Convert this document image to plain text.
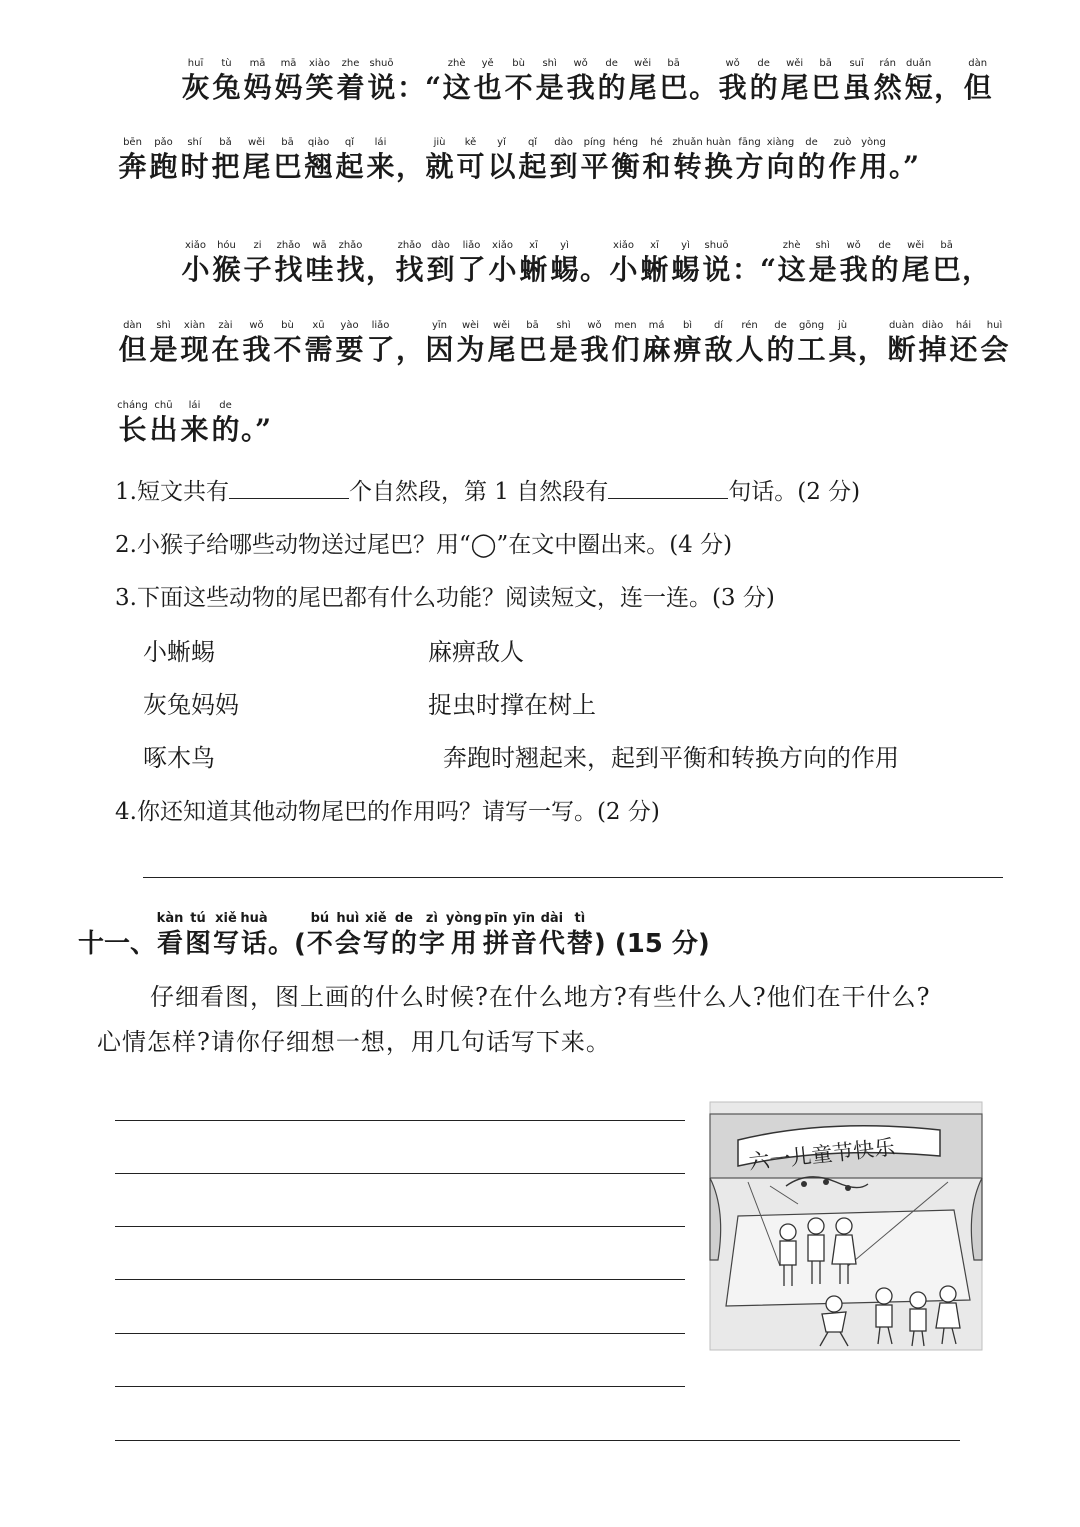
huī
灰
tù
兔
mā
妈
mā
妈
xiào
笑
zhe
着
shuō
说 ：“
zhè
这
yě
也
bù
不
shì
是
wǒ
我
de
的
wěi
尾
bā
巴 。
wǒ
我
de
的
wěi
尾
bā
巴
suī
虽
rán
然
duǎn
短 ，
dàn
但
bēn
奔
pǎo
跑
shí
时
bǎ
把
wěi
尾
bā
巴
qiào
翘
qǐ
起
lái
来 ，
jiù
就
kě
可
yǐ
以
qǐ
起
dào
到
píng
平
héng
衡
hé
和
zhuǎn
转
huàn
换
fāng
方
xiàng
向
de
的
zuò
作
yòng
用 。”
xiǎo
小
hóu
猴
zi
子
zhǎo
找
wā
哇
zhǎo
找 ，
zhǎo
找
dào
到
liǎo
了
xiǎo
小
xī
蜥
yì
蜴 。
xiǎo
小
xī
蜥
yì
蜴
shuō
说 ：“
zhè
这
shì
是
wǒ
我
de
的
wěi
尾
bā
巴 ，
dàn
但
shì
是
xiàn
现
zài
在
wǒ
我
bù
不
xū
需
yào
要
liǎo
了 ，
yīn
因
wèi
为
wěi
尾
bā
巴
shì
是
wǒ
我
men
们
má
麻
bì
痹
dí
敌
rén
人
de
的
gōng
工
jù
具 ，
duàn
断
diào
掉
hái
还
huì
会
cháng
长
chū
出
lái
来
de
的 。”
1.短文共有	个自然段，第 1 自然段有	句话。(2 分)
2.小猴子给哪些动物送过尾巴？用“◯”在文中圈出来。(4 分)
3.下面这些动物的尾巴都有什么功能？阅读短文，连一连。(3 分)
小蜥蜴
灰兔妈妈
啄木鸟
麻痹敌人
捉虫时撑在树上
奔跑时翘起来，起到平衡和转换方向的作用
4.你还知道其他动物尾巴的作用吗？请写一写。(2 分)
十一、
kàn
看
tú
图
xiě
写
huà
话 。(
bú
不
huì
会
xiě
写
de
的
zì
字
yòng
用
pīn
拼
yīn
音
dài
代
tì
替 ) (15 分)
仔细看图，图上画的什么时候?在什么地方?有些什么人?他们在干什么?
心情怎样?请你仔细想一想，用几句话写下来。
六一儿童节快乐
